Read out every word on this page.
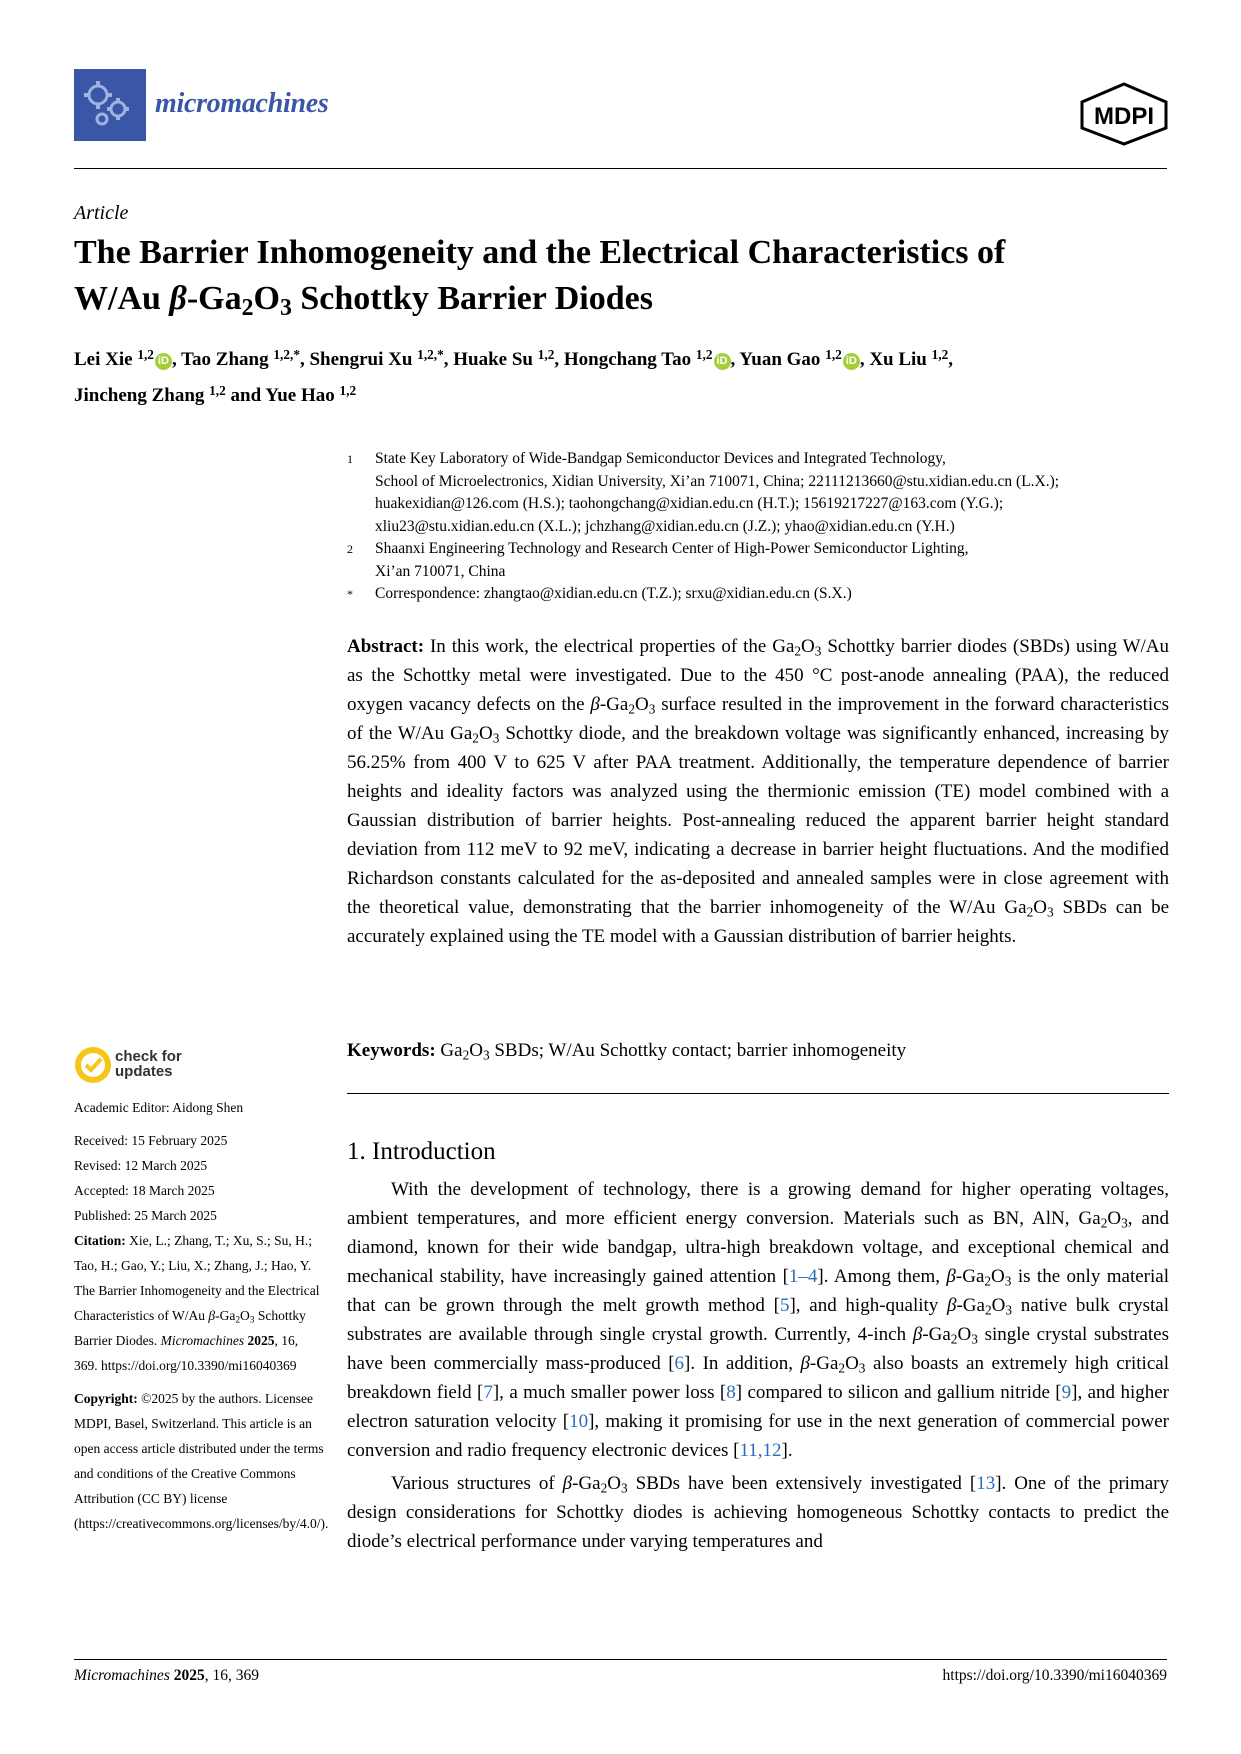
micromachines	MDPI
Article
The Barrier Inhomogeneity and the Electrical Characteristics of
W/Au $\beta-Ga_2O_3$ Schottky Barrier Diodes
Lei Xie $^{1,2}$ iD , Tao Zhang $^{1,2,*}$, Shengrui Xu $^{1,2,*}$, Huake Su $^{1,2}$, Hongchang Tao $^{1,2}$ iD , Yuan Gao $^{1,2}$ iD , Xu Liu $^{1,2}$,
Jincheng Zhang $^{1,2}$ and Yue Hao $^{1,2}$
1 State Key Laboratory of Wide-Bandgap Semiconductor Devices and Integrated Technology,
School of Microelectronics, Xidian University, Xi’an 710071, China; 22111213660@stu.xidian.edu.cn (L.X.);
huakexidian@126.com (H.S.); taohongchang@xidian.edu.cn (H.T.); 15619217227@163.com (Y.G.);
xliu23@stu.xidian.edu.cn (X.L.); jchzhang@xidian.edu.cn (J.Z.); yhao@xidian.edu.cn (Y.H.)
2 Shaanxi Engineering Technology and Research Center of High-Power Semiconductor Lighting,
Xi’an 710071, China
* Correspondence: zhangtao@xidian.edu.cn (T.Z.); srxu@xidian.edu.cn (S.X.)
Abstract: In this work, the electrical properties of the $Ga_2O_3$ Schottky barrier diodes (SBDs) using W/Au as the Schottky metal were investigated. Due to the 450 °C post-anode annealing (PAA), the reduced oxygen vacancy defects on the $\beta-Ga_2O_3$ surface resulted in the improvement in the forward characteristics of the W/Au $Ga_2O_3$ Schottky diode, and the breakdown voltage was significantly enhanced, increasing by 56.25% from 400 V to 625 V after PAA treatment. Additionally, the temperature dependence of barrier heights and ideality factors was analyzed using the thermionic emission (TE) model combined with a Gaussian distribution of barrier heights. Post-annealing reduced the apparent barrier height standard deviation from 112 meV to 92 meV, indicating a decrease in barrier height fluctuations. And the modified Richardson constants calculated for the as-deposited and annealed samples were in close agreement with the theoretical value, demonstrating that the barrier inhomogeneity of the W/Au $Ga_2O_3$ SBDs can be accurately explained using the TE model with a Gaussian distribution of barrier heights.
Keywords: $Ga_2O_3$ SBDs; W/Au Schottky contact; barrier inhomogeneity
check for
updates

Academic Editor: Aidong Shen

Received: 15 February 2025

Revised: 12 March 2025

Accepted: 18 March 2025

Published: 25 March 2025

Citation: Xie, L.; Zhang, T.; Xu, S.; Su, H.; Tao, H.; Gao, Y.; Liu, X.; Zhang, J.; Hao, Y. The Barrier Inhomogeneity and the Electrical Characteristics of W/Au $\beta-Ga_2O_3$ Schottky Barrier Diodes. Micromachines 2025, 16, 369. https://doi.org/10.3390/mi16040369

Copyright: ©2025 by the authors. Licensee MDPI, Basel, Switzerland. This article is an open access article distributed under the terms and conditions of the Creative Commons Attribution (CC BY) license (https://creativecommons.org/licenses/by/4.0/).

1. Introduction

With the development of technology, there is a growing demand for higher operating voltages, ambient temperatures, and more efficient energy conversion. Materials such as BN, AlN, $Ga_2O_3$, and diamond, known for their wide bandgap, ultra-high breakdown voltage, and exceptional chemical and mechanical stability, have increasingly gained attention [1–4]. Among them, $\beta-Ga_2O_3$ is the only material that can be grown through the melt growth method [5], and high-quality $\beta-Ga_2O_3$ native bulk crystal substrates are available through single crystal growth. Currently, 4-inch $\beta-Ga_2O_3$ single crystal substrates have been commercially mass-produced [6]. In addition, $\beta-Ga_2O_3$ also boasts an extremely high critical breakdown field [7], a much smaller power loss [8] compared to silicon and gallium nitride [9], and higher electron saturation velocity [10], making it promising for use in the next generation of commercial power conversion and radio frequency electronic devices [11,12].

Various structures of $\beta-Ga_2O_3$ SBDs have been extensively investigated [13]. One of the primary design considerations for Schottky diodes is achieving homogeneous Schottky contacts to predict the diode’s electrical performance under varying temperatures and

Micromachines 2025, 16, 369	https://doi.org/10.3390/mi16040369
